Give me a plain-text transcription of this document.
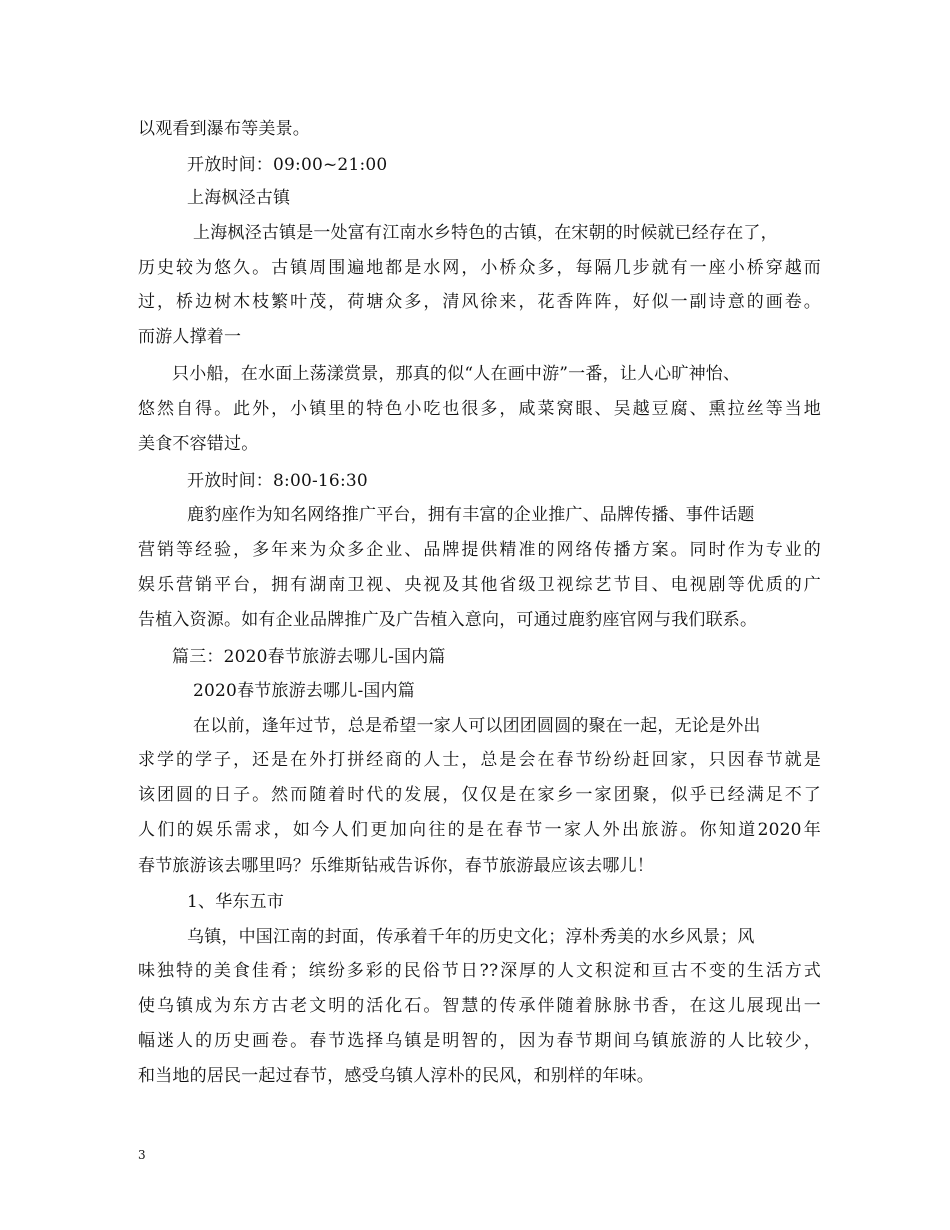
以观看到瀑布等美景。
开放时间：09:00~21:00
上海枫泾古镇
上海枫泾古镇是一处富有江南水乡特色的古镇，在宋朝的时候就已经存在了，
历史较为悠久。古镇周围遍地都是水网，小桥众多，每隔几步就有一座小桥穿越而
过，桥边树木枝繁叶茂，荷塘众多，清风徐来，花香阵阵，好似一副诗意的画卷。
而游人撑着一
只小船，在水面上荡漾赏景，那真的似“人在画中游”一番，让人心旷神怡、
悠然自得。此外，小镇里的特色小吃也很多，咸菜窝眼、吴越豆腐、熏拉丝等当地
美食不容错过。
开放时间：8:00-16:30
鹿豹座作为知名网络推广平台，拥有丰富的企业推广、品牌传播、事件话题
营销等经验，多年来为众多企业、品牌提供精准的网络传播方案。同时作为专业的
娱乐营销平台，拥有湖南卫视、央视及其他省级卫视综艺节目、电视剧等优质的广
告植入资源。如有企业品牌推广及广告植入意向，可通过鹿豹座官网与我们联系。
篇三：2020春节旅游去哪儿-国内篇
2020春节旅游去哪儿-国内篇
在以前，逢年过节，总是希望一家人可以团团圆圆的聚在一起，无论是外出
求学的学子，还是在外打拼经商的人士，总是会在春节纷纷赶回家，只因春节就是
该团圆的日子。然而随着时代的发展，仅仅是在家乡一家团聚，似乎已经满足不了
人们的娱乐需求，如今人们更加向往的是在春节一家人外出旅游。你知道2020年
春节旅游该去哪里吗？乐维斯钻戒告诉你，春节旅游最应该去哪儿！
1、华东五市
乌镇，中国江南的封面，传承着千年的历史文化；淳朴秀美的水乡风景；风
味独特的美食佳肴；缤纷多彩的民俗节日??深厚的人文积淀和亘古不变的生活方式
使乌镇成为东方古老文明的活化石。智慧的传承伴随着脉脉书香，在这儿展现出一
幅迷人的历史画卷。春节选择乌镇是明智的，因为春节期间乌镇旅游的人比较少，
和当地的居民一起过春节，感受乌镇人淳朴的民风，和别样的年味。
3
